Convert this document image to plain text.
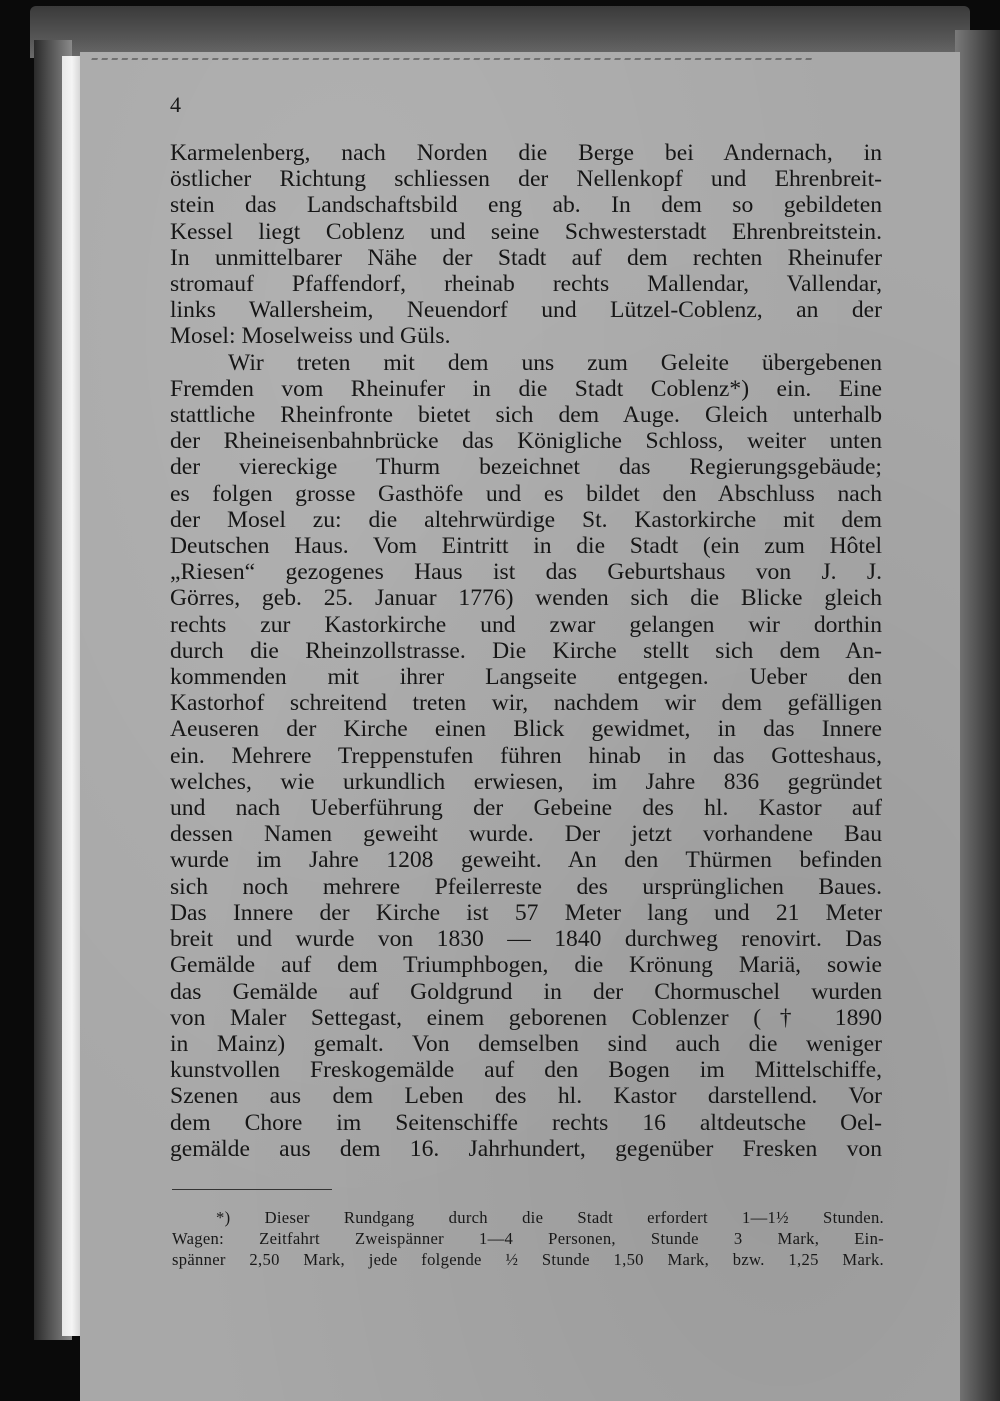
4
Karmelenberg, nach Norden die Berge bei Andernach, in
östlicher Richtung schliessen der Nellenkopf und Ehrenbreit-
stein das Landschaftsbild eng ab. In dem so gebildeten
Kessel liegt Coblenz und seine Schwesterstadt Ehrenbreitstein.
In unmittelbarer Nähe der Stadt auf dem rechten Rheinufer
stromauf Pfaffendorf, rheinab rechts Mallendar, Vallendar,
links Wallersheim, Neuendorf und Lützel-Coblenz, an der
Mosel: Moselweiss und Güls.
Wir treten mit dem uns zum Geleite übergebenen
Fremden vom Rheinufer in die Stadt Coblenz*) ein. Eine
stattliche Rheinfronte bietet sich dem Auge. Gleich unterhalb
der Rheineisenbahnbrücke das Königliche Schloss, weiter unten
der viereckige Thurm bezeichnet das Regierungsgebäude;
es folgen grosse Gasthöfe und es bildet den Abschluss nach
der Mosel zu: die altehrwürdige St. Kastorkirche mit dem
Deutschen Haus. Vom Eintritt in die Stadt (ein zum Hôtel
„Riesen“ gezogenes Haus ist das Geburtshaus von J. J.
Görres, geb. 25. Januar 1776) wenden sich die Blicke gleich
rechts zur Kastorkirche und zwar gelangen wir dorthin
durch die Rheinzollstrasse. Die Kirche stellt sich dem An-
kommenden mit ihrer Langseite entgegen. Ueber den
Kastorhof schreitend treten wir, nachdem wir dem gefälligen
Aeuseren der Kirche einen Blick gewidmet, in das Innere
ein. Mehrere Treppenstufen führen hinab in das Gotteshaus,
welches, wie urkundlich erwiesen, im Jahre 836 gegründet
und nach Ueberführung der Gebeine des hl. Kastor auf
dessen Namen geweiht wurde. Der jetzt vorhandene Bau
wurde im Jahre 1208 geweiht. An den Thürmen befinden
sich noch mehrere Pfeilerreste des ursprünglichen Baues.
Das Innere der Kirche ist 57 Meter lang und 21 Meter
breit und wurde von 1830 — 1840 durchweg renovirt. Das
Gemälde auf dem Triumphbogen, die Krönung Mariä, sowie
das Gemälde auf Goldgrund in der Chormuschel wurden
von Maler Settegast, einem geborenen Coblenzer († 1890
in Mainz) gemalt. Von demselben sind auch die weniger
kunstvollen Freskogemälde auf den Bogen im Mittelschiffe,
Szenen aus dem Leben des hl. Kastor darstellend. Vor
dem Chore im Seitenschiffe rechts 16 altdeutsche Oel-
gemälde aus dem 16. Jahrhundert, gegenüber Fresken von
*) Dieser Rundgang durch die Stadt erfordert 1—1½ Stunden.
Wagen: Zeitfahrt Zweispänner 1—4 Personen, Stunde 3 Mark, Ein-
spänner 2,50 Mark, jede folgende ½ Stunde 1,50 Mark, bzw. 1,25 Mark.
